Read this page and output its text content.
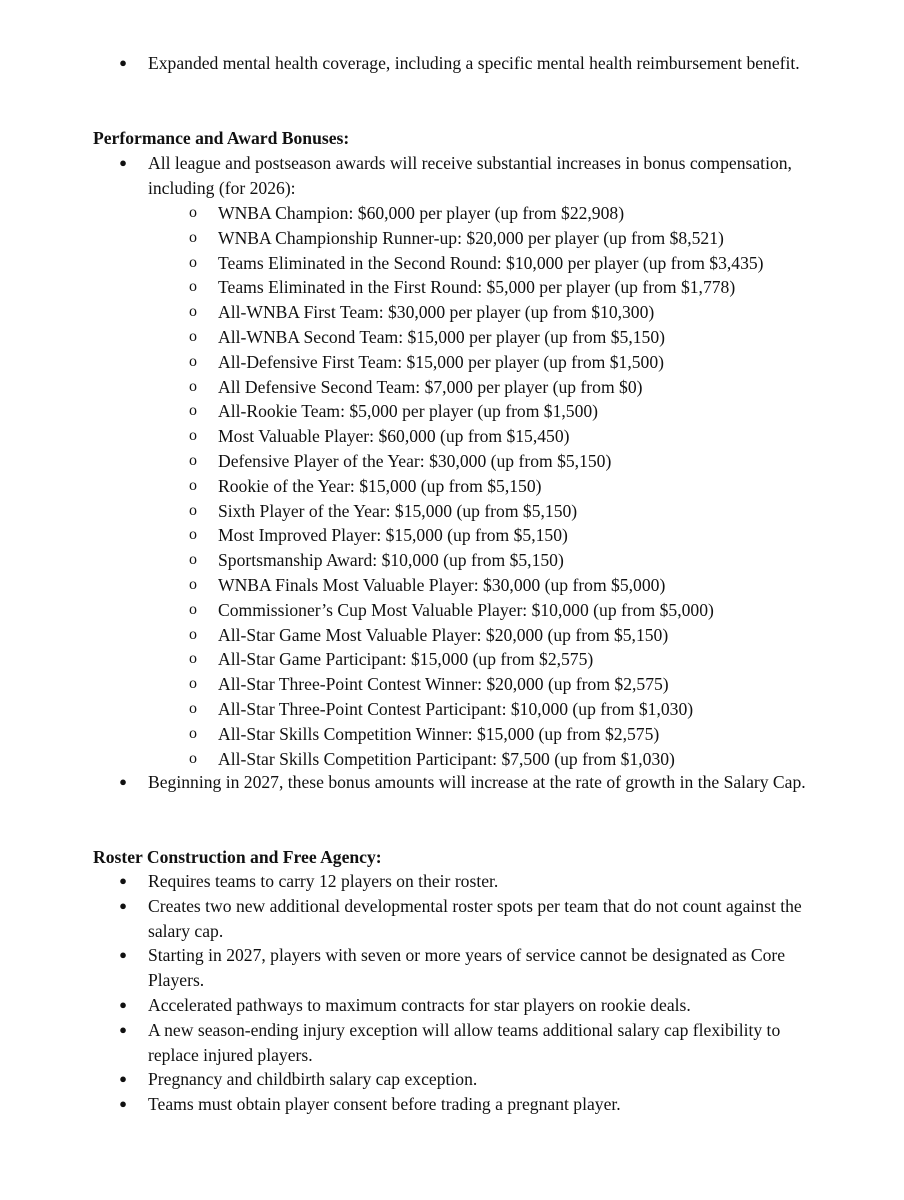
● Expanded mental health coverage, including a specific mental health reimbursement benefit.
Performance and Award Bonuses:
● All league and postseason awards will receive substantial increases in bonus compensation, including (for 2026):
o WNBA Champion: $60,000 per player (up from $22,908)
o WNBA Championship Runner-up: $20,000 per player (up from $8,521)
o Teams Eliminated in the Second Round: $10,000 per player (up from $3,435)
o Teams Eliminated in the First Round: $5,000 per player (up from $1,778)
o All-WNBA First Team: $30,000 per player (up from $10,300)
o All-WNBA Second Team: $15,000 per player (up from $5,150)
o All-Defensive First Team: $15,000 per player (up from $1,500)
o All Defensive Second Team: $7,000 per player (up from $0)
o All-Rookie Team: $5,000 per player (up from $1,500)
o Most Valuable Player: $60,000 (up from $15,450)
o Defensive Player of the Year: $30,000 (up from $5,150)
o Rookie of the Year: $15,000 (up from $5,150)
o Sixth Player of the Year: $15,000 (up from $5,150)
o Most Improved Player: $15,000 (up from $5,150)
o Sportsmanship Award: $10,000 (up from $5,150)
o WNBA Finals Most Valuable Player: $30,000 (up from $5,000)
o Commissioner’s Cup Most Valuable Player: $10,000 (up from $5,000)
o All-Star Game Most Valuable Player: $20,000 (up from $5,150)
o All-Star Game Participant: $15,000 (up from $2,575)
o All-Star Three-Point Contest Winner: $20,000 (up from $2,575)
o All-Star Three-Point Contest Participant: $10,000 (up from $1,030)
o All-Star Skills Competition Winner: $15,000 (up from $2,575)
o All-Star Skills Competition Participant: $7,500 (up from $1,030)
● Beginning in 2027, these bonus amounts will increase at the rate of growth in the Salary Cap.
Roster Construction and Free Agency:
● Requires teams to carry 12 players on their roster.
● Creates two new additional developmental roster spots per team that do not count against the salary cap.
● Starting in 2027, players with seven or more years of service cannot be designated as Core Players.
● Accelerated pathways to maximum contracts for star players on rookie deals.
● A new season-ending injury exception will allow teams additional salary cap flexibility to replace injured players.
● Pregnancy and childbirth salary cap exception.
● Teams must obtain player consent before trading a pregnant player.
